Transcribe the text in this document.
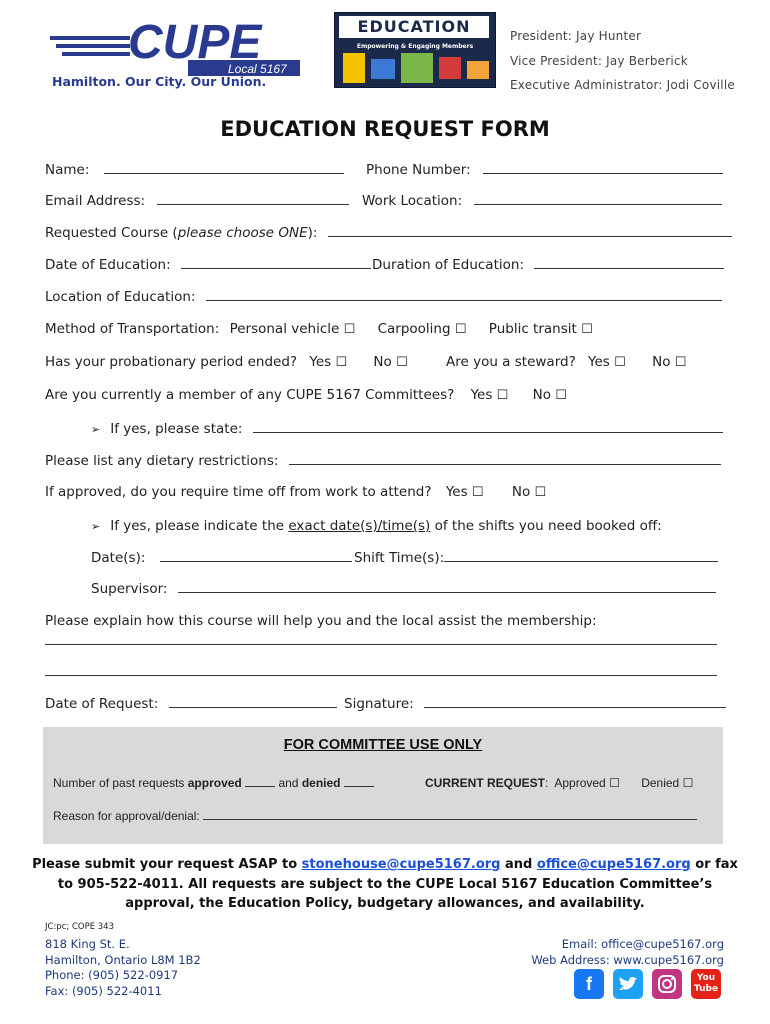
CUPE
Local 5167
Hamilton. Our City. Our Union.
EDUCATION
Empowering & Engaging Members
President: Jay Hunter
Vice President: Jay Berberick
Executive Administrator: Jodi Coville
EDUCATION REQUEST FORM
Name:	Phone Number:
Email Address:	Work Location:
Requested Course (please choose ONE):
Date of Education:	Duration of Education:
Location of Education:
Method of Transportation: Personal vehicle ☐ Carpooling ☐ Public transit ☐
Has your probationary period ended? Yes ☐ No ☐	Are you a steward? Yes ☐ No ☐
Are you currently a member of any CUPE 5167 Committees? Yes ☐ No ☐
➢ If yes, please state:
Please list any dietary restrictions:
If approved, do you require time off from work to attend? Yes ☐ No ☐
➢ If yes, please indicate the exact date(s)/time(s) of the shifts you need booked off:
Date(s):	Shift Time(s):
Supervisor:
Please explain how this course will help you and the local assist the membership:
Date of Request:	Signature:
FOR COMMITTEE USE ONLY
Number of past requests approved	and denied	CURRENT REQUEST:  Approved ☐ Denied ☐
Reason for approval/denial:
Please submit your request ASAP to stonehouse@cupe5167.org and office@cupe5167.org or fax
to 905-522-4011. All requests are subject to the CUPE Local 5167 Education Committee’s
approval, the Education Policy, budgetary allowances, and availability.
JC:pc; COPE 343
818 King St. E.
Hamilton, Ontario L8M 1B2
Phone: (905) 522-0917
Fax: (905) 522-4011
Email: office@cupe5167.org
Web Address: www.cupe5167.org
f	You
Tube
